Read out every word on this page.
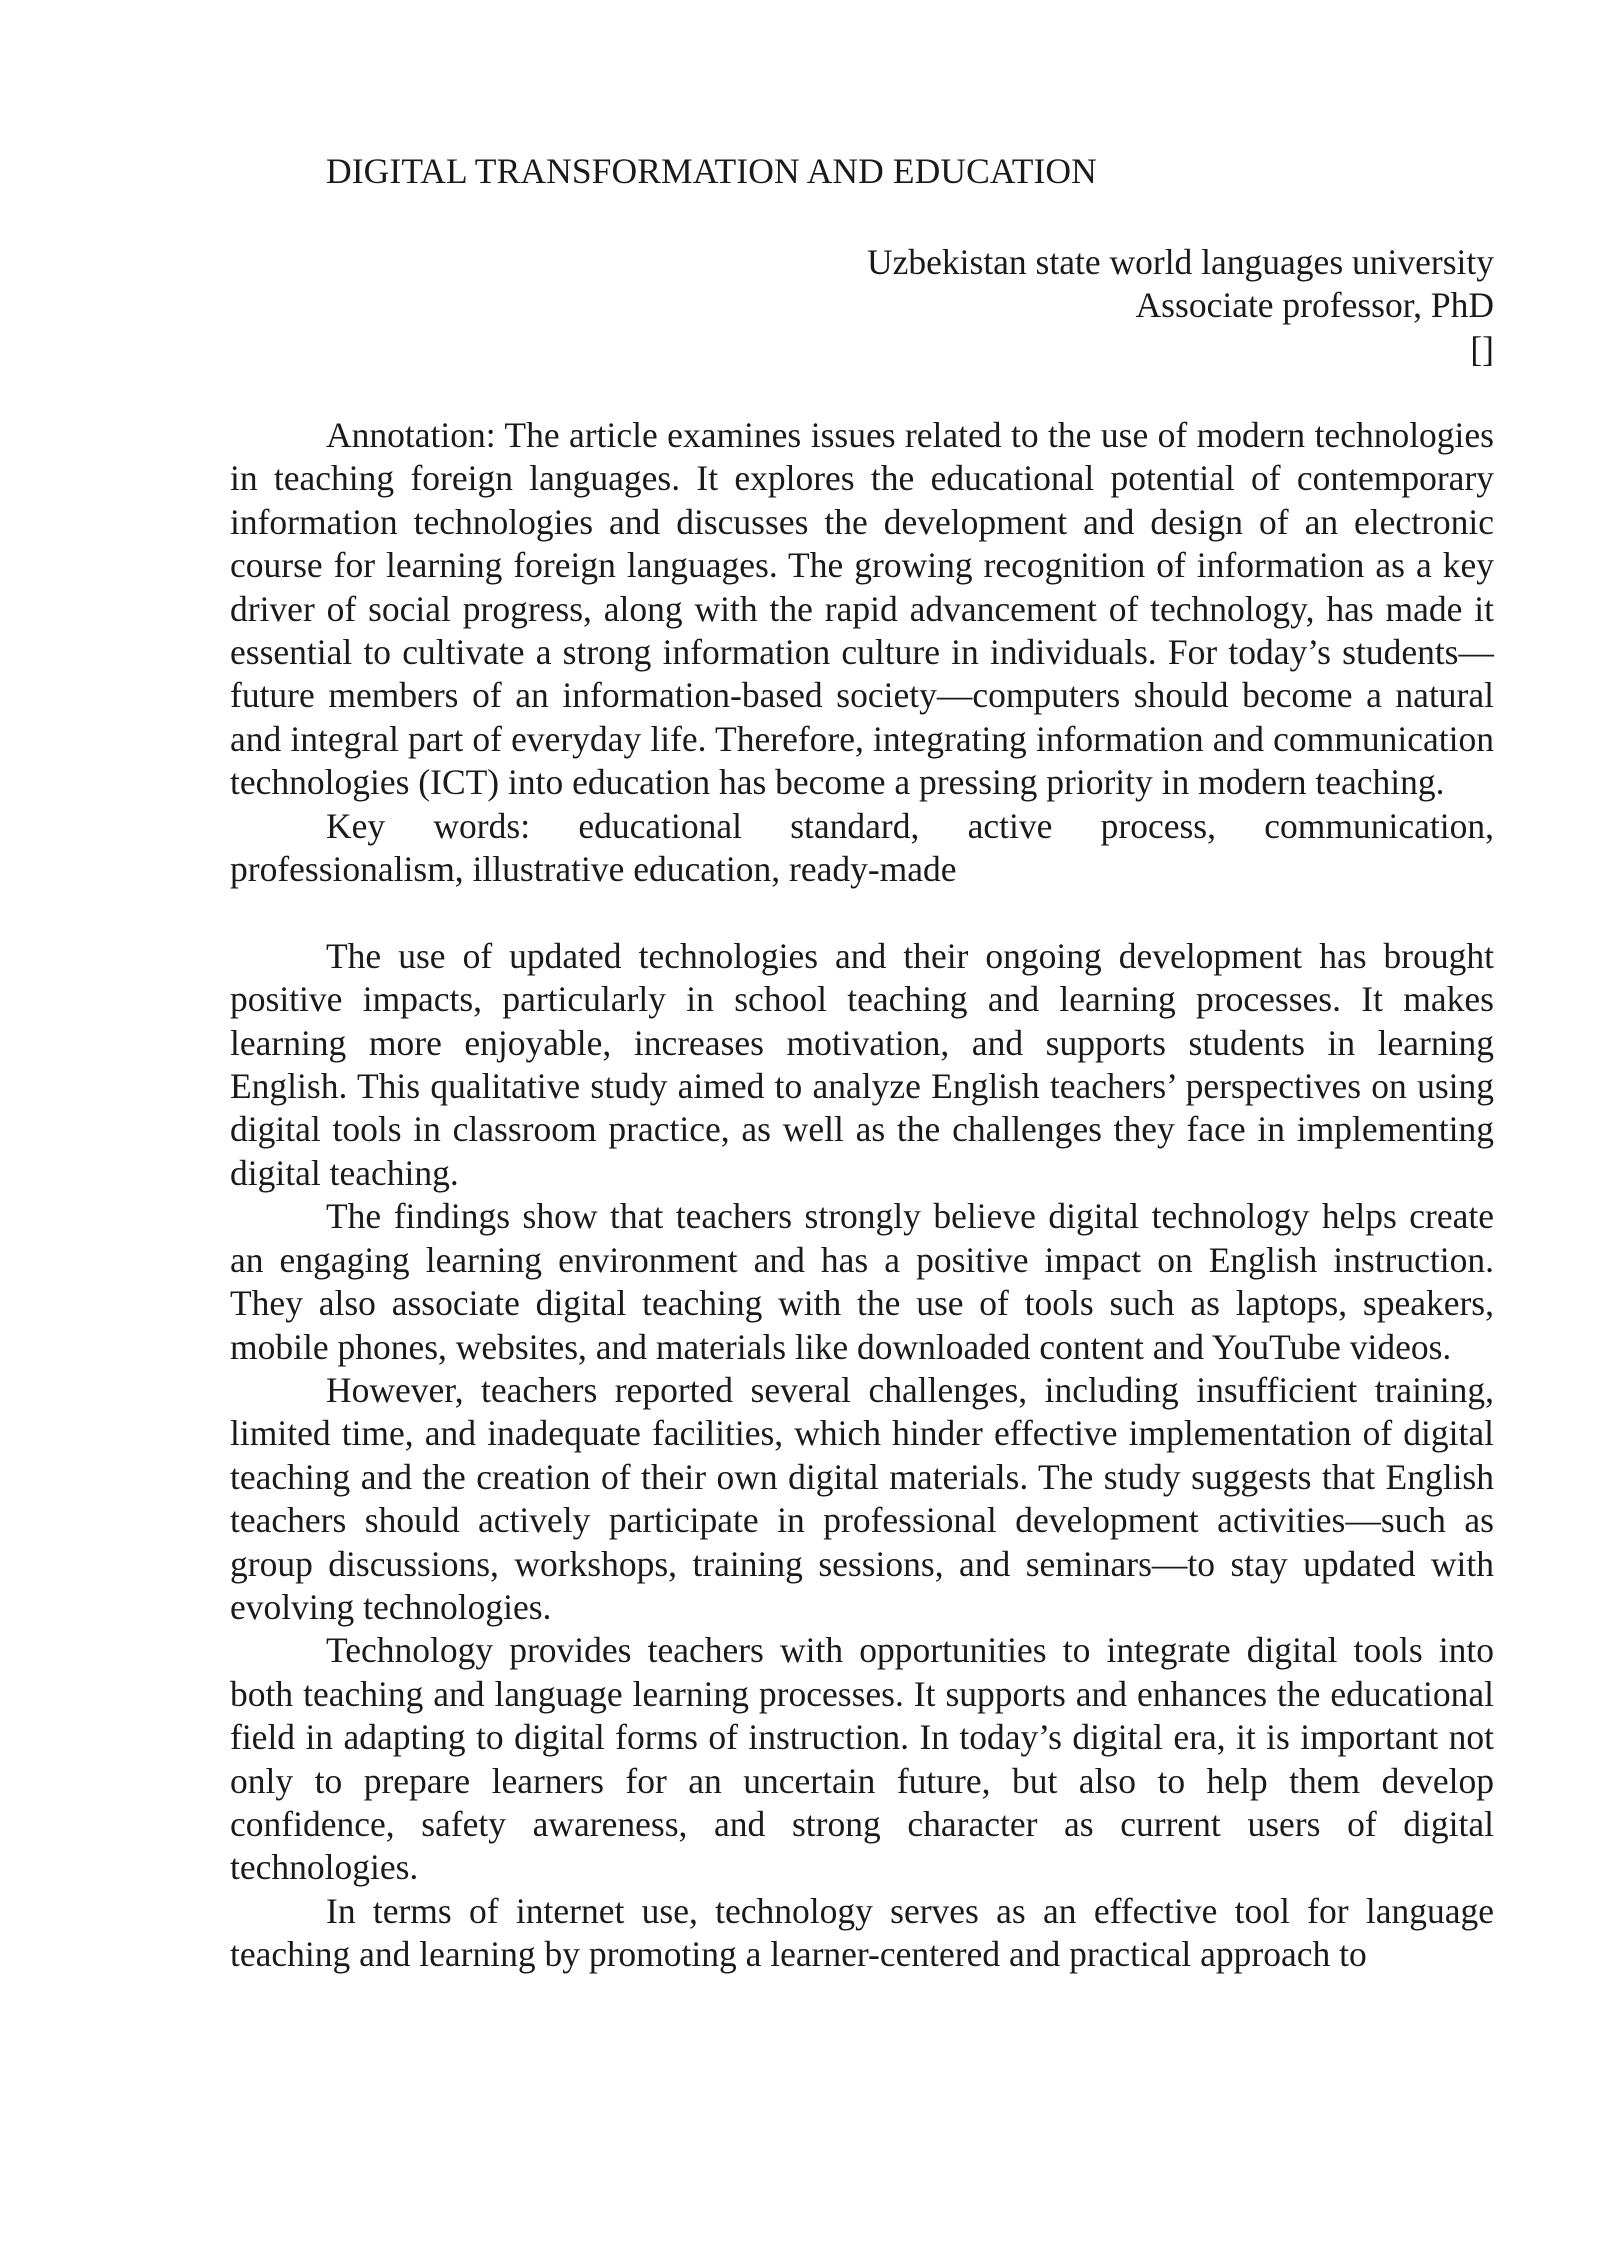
DIGITAL TRANSFORMATION AND EDUCATION
Uzbekistan state world languages university
Associate professor, PhD
[]

Annotation: The article examines issues related to the use of modern technologies in teaching foreign languages. It explores the educational potential of contemporary information technologies and discusses the development and design of an electronic course for learning foreign languages. The growing recognition of information as a key driver of social progress, along with the rapid advancement of technology, has made it essential to cultivate a strong information culture in individuals. For today’s students—future members of an information-based society—computers should become a natural and integral part of everyday life. Therefore, integrating information and communication technologies (ICT) into education has become a pressing priority in modern teaching.

Key words: educational standard, active process, communication, professionalism, illustrative education, ready-made

The use of updated technologies and their ongoing development has brought positive impacts, particularly in school teaching and learning processes. It makes learning more enjoyable, increases motivation, and supports students in learning English. This qualitative study aimed to analyze English teachers’ perspectives on using digital tools in classroom practice, as well as the challenges they face in implementing digital teaching.

The findings show that teachers strongly believe digital technology helps create an engaging learning environment and has a positive impact on English instruction. They also associate digital teaching with the use of tools such as laptops, speakers, mobile phones, websites, and materials like downloaded content and YouTube videos.

However, teachers reported several challenges, including insufficient training, limited time, and inadequate facilities, which hinder effective implementation of digital teaching and the creation of their own digital materials. The study suggests that English teachers should actively participate in professional development activities—such as group discussions, workshops, training sessions, and seminars—to stay updated with evolving technologies.

Technology provides teachers with opportunities to integrate digital tools into both teaching and language learning processes. It supports and enhances the educational field in adapting to digital forms of instruction. In today’s digital era, it is important not only to prepare learners for an uncertain future, but also to help them develop confidence, safety awareness, and strong character as current users of digital technologies.

In terms of internet use, technology serves as an effective tool for language teaching and learning by promoting a learner-centered and practical approach to
